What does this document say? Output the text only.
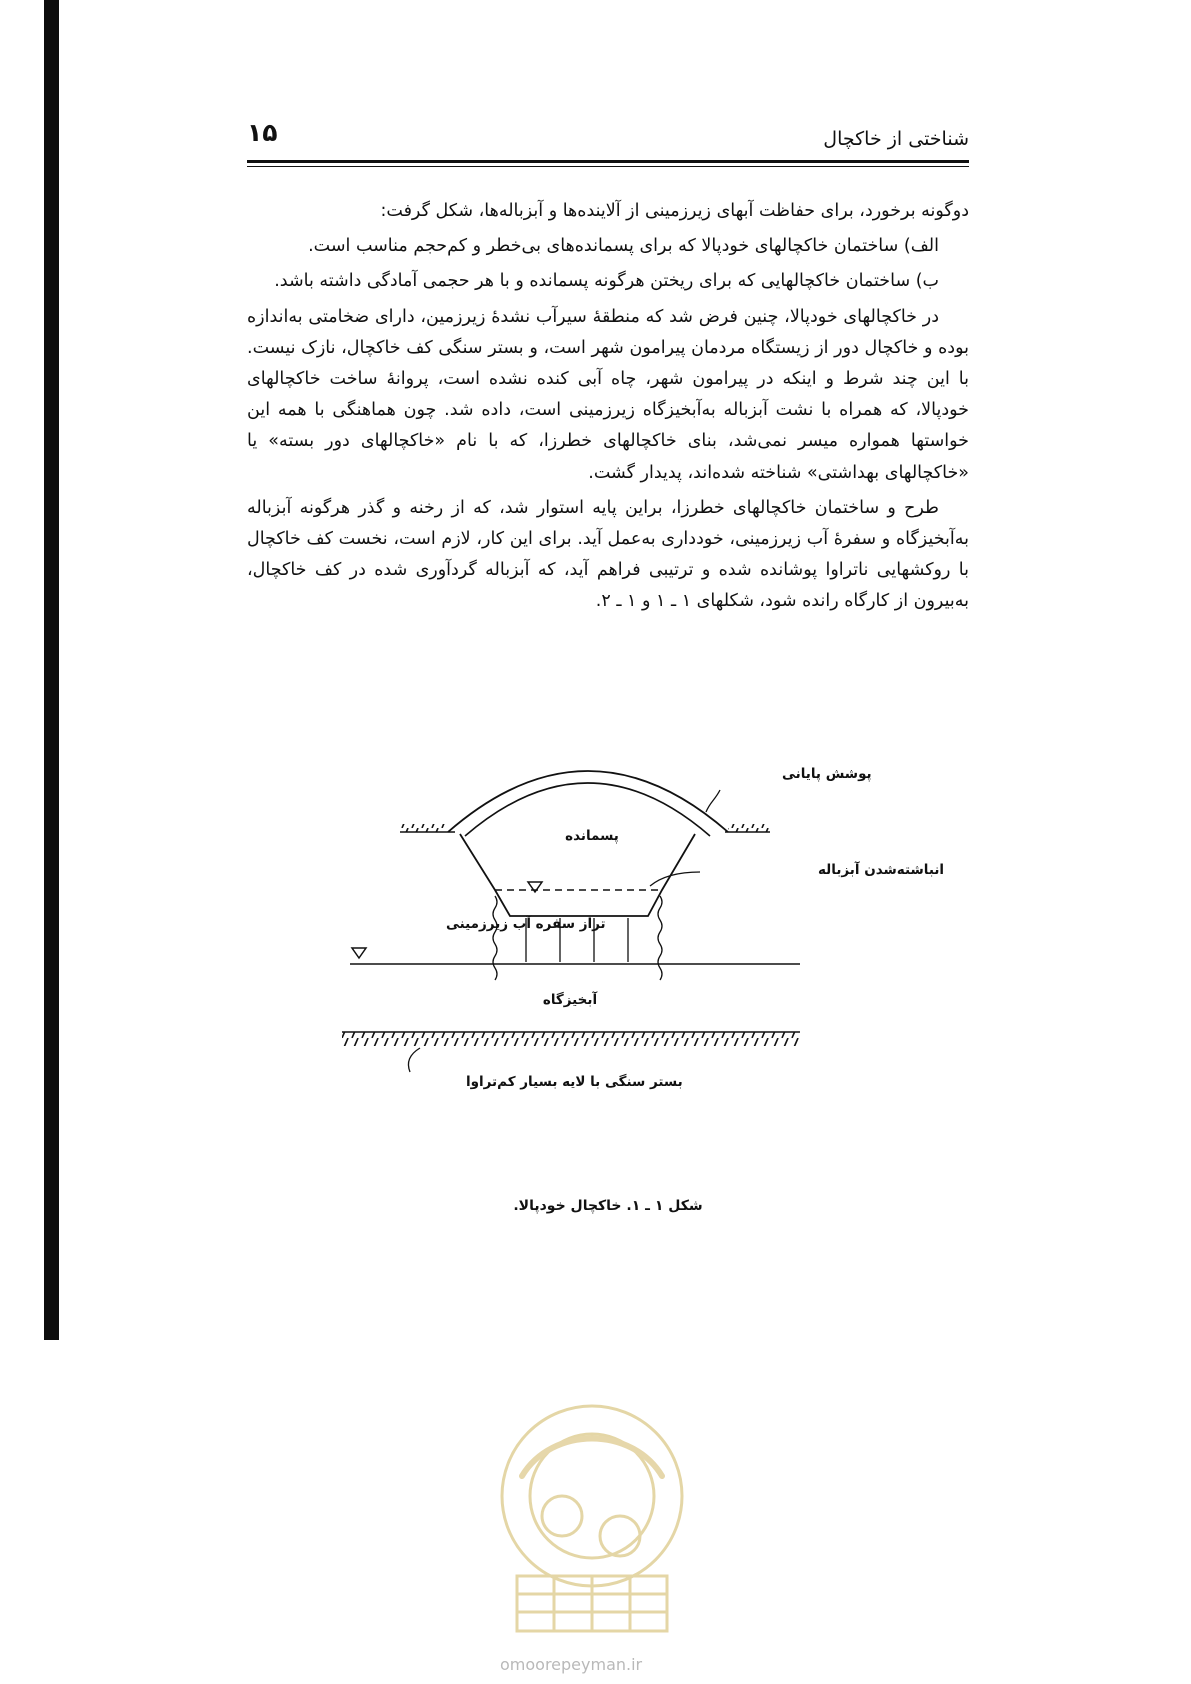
۱۵	شناختی از خاکچال

دوگونه برخورد، برای حفاظت آبهای زیرزمینی از آلاینده‌ها و آبزباله‌ها، شکل گرفت:

الف) ساختمان خاکچالهای خودپالا که برای پسمانده‌های بی‌خطر و کم‌حجم مناسب است.

ب) ساختمان خاکچالهایی که برای ریختن هرگونه پسمانده و با هر حجمی آمادگی داشته باشد.

در خاکچالهای خودپالا، چنین فرض شد که منطقهٔ سیرآب نشدهٔ زیرزمین، دارای ضخامتی به‌اندازه بوده و خاکچال دور از زیستگاه مردمان پیرامون شهر است، و بستر سنگی کف خاکچال، نازک نیست. با این چند شرط و اینکه در پیرامون شهر، چاه آبی کنده نشده است، پروانهٔ ساخت خاکچالهای خودپالا، که همراه با نشت آبزباله به‌آبخیزگاه زیرزمینی است، داده شد. چون هماهنگی با همه این خواستها همواره میسر نمی‌شد، بنای خاکچالهای خطرزا، که با نام «خاکچالهای دور بسته» یا «خاکچالهای بهداشتی» شناخته شده‌اند، پدیدار گشت.

طرح و ساختمان خاکچالهای خطرزا، براین پایه استوار شد، که از رخنه و گذر هرگونه آبزباله به‌آبخیزگاه و سفرهٔ آب زیرزمینی، خودداری به‌عمل آید. برای این کار، لازم است، نخست کف خاکچال با روکشهایی ناتراوا پوشانده شده و ترتیبی فراهم آید، که آبزباله گردآوری شده در کف خاکچال، به‌بیرون از کارگاه رانده شود، شکلهای ۱ ـ ۱ و ۱ ـ ۲.

پوشش پایانی
پسمانده
انباشته‌شدن آبزباله
تراز سفره آب زیرزمینی
آبخیزگاه
بستر سنگی با لایه بسیار کم‌تراوا
شکل ۱ ـ ۱. خاکچال خودپالا.
omoorepeyman.ir
